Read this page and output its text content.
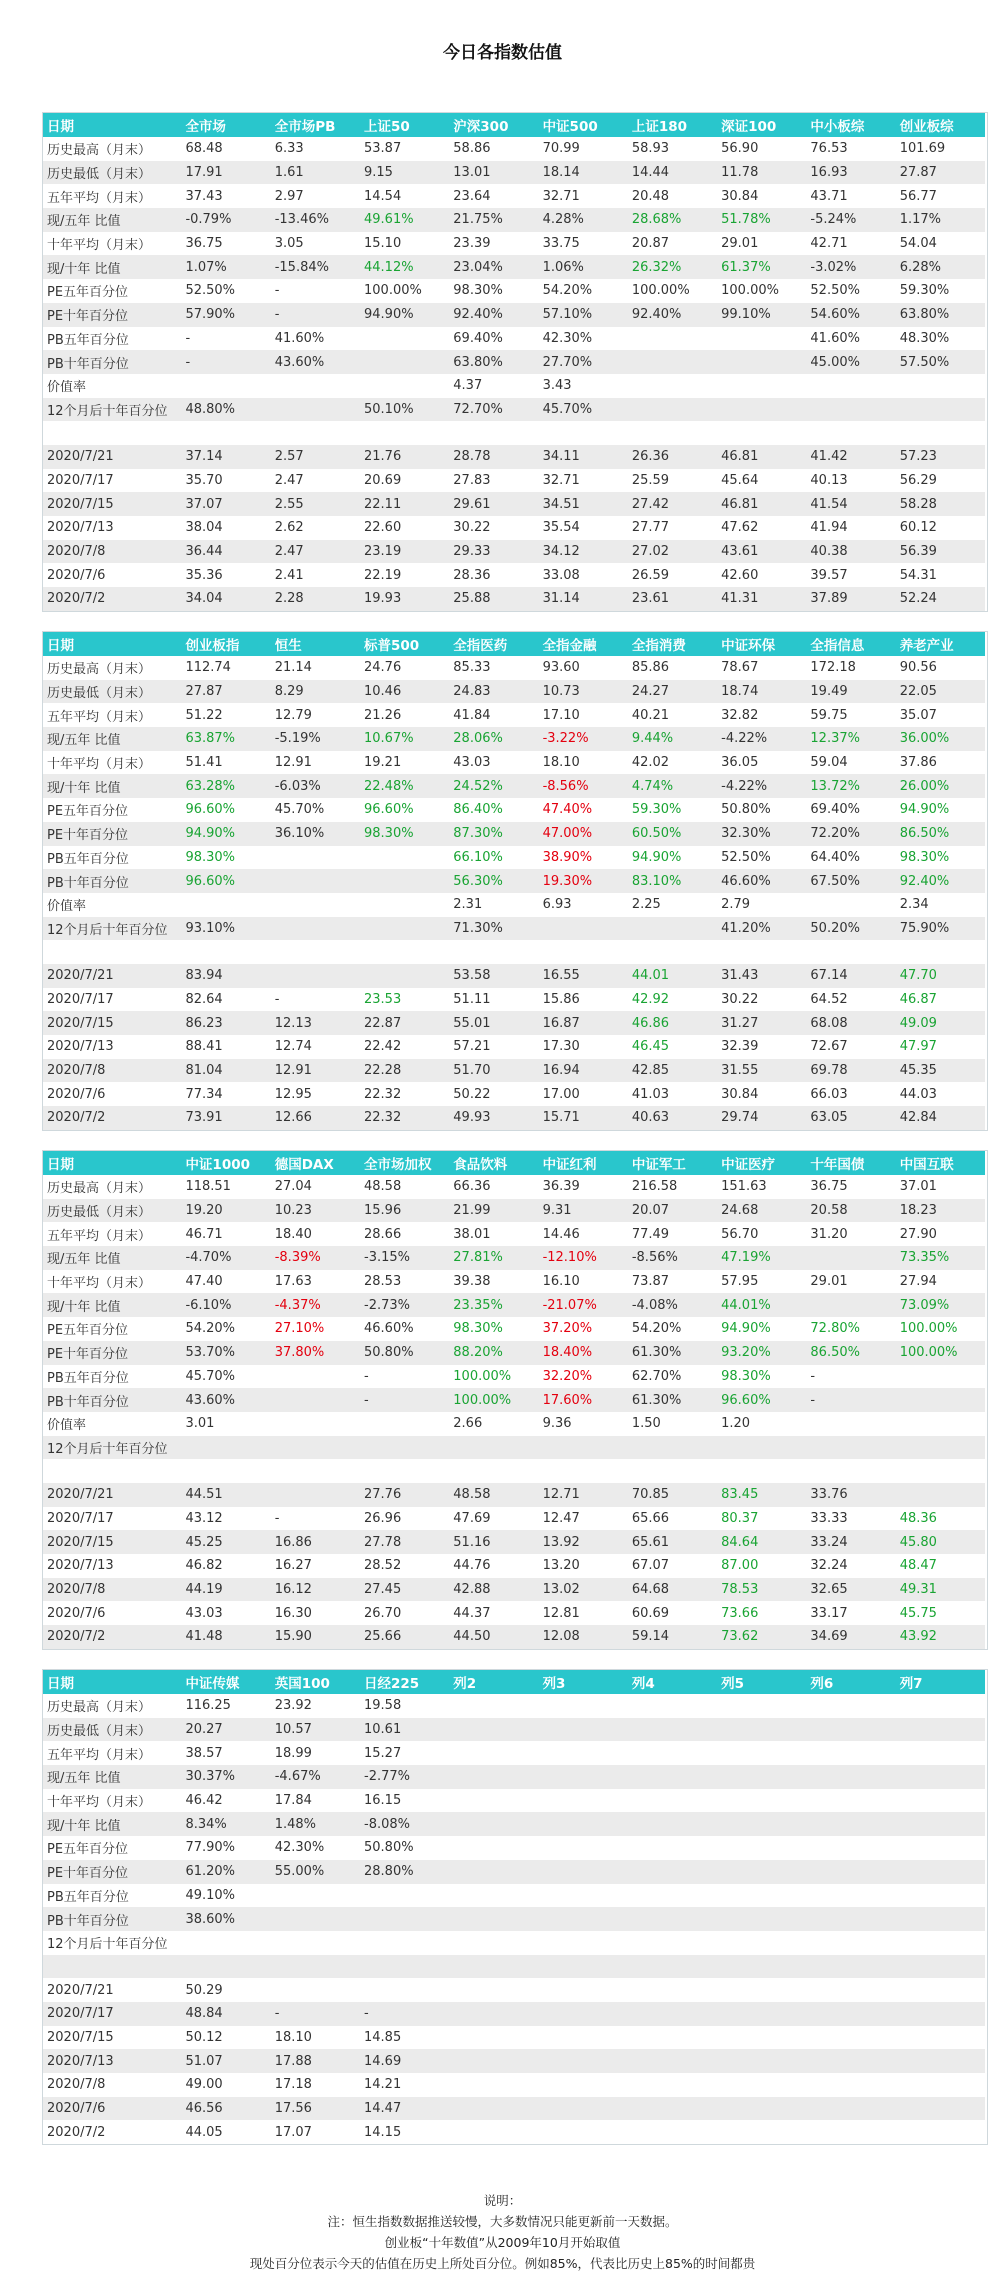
今日各指数估值
日期	全市场	全市场PB	上证50	沪深300	中证500	上证180	深证100	中小板综	创业板综
历史最高（月末）	68.48	6.33	53.87	58.86	70.99	58.93	56.90	76.53	101.69
历史最低（月末）	17.91	1.61	9.15	13.01	18.14	14.44	11.78	16.93	27.87
五年平均（月末）	37.43	2.97	14.54	23.64	32.71	20.48	30.84	43.71	56.77
现/五年 比值	-0.79%	-13.46%	49.61%	21.75%	4.28%	28.68%	51.78%	-5.24%	1.17%
十年平均（月末）	36.75	3.05	15.10	23.39	33.75	20.87	29.01	42.71	54.04
现/十年 比值	1.07%	-15.84%	44.12%	23.04%	1.06%	26.32%	61.37%	-3.02%	6.28%
PE五年百分位	52.50%	-	100.00%	98.30%	54.20%	100.00%	100.00%	52.50%	59.30%
PE十年百分位	57.90%	-	94.90%	92.40%	57.10%	92.40%	99.10%	54.60%	63.80%
PB五年百分位	-	41.60%		69.40%	42.30%			41.60%	48.30%
PB十年百分位	-	43.60%		63.80%	27.70%			45.00%	57.50%
价值率				4.37	3.43				
12个月后十年百分位	48.80%		50.10%	72.70%	45.70%				

2020/7/21	37.14	2.57	21.76	28.78	34.11	26.36	46.81	41.42	57.23
2020/7/17	35.70	2.47	20.69	27.83	32.71	25.59	45.64	40.13	56.29
2020/7/15	37.07	2.55	22.11	29.61	34.51	27.42	46.81	41.54	58.28
2020/7/13	38.04	2.62	22.60	30.22	35.54	27.77	47.62	41.94	60.12
2020/7/8	36.44	2.47	23.19	29.33	34.12	27.02	43.61	40.38	56.39
2020/7/6	35.36	2.41	22.19	28.36	33.08	26.59	42.60	39.57	54.31
2020/7/2	34.04	2.28	19.93	25.88	31.14	23.61	41.31	37.89	52.24
日期	创业板指	恒生	标普500	全指医药	全指金融	全指消费	中证环保	全指信息	养老产业
历史最高（月末）	112.74	21.14	24.76	85.33	93.60	85.86	78.67	172.18	90.56
历史最低（月末）	27.87	8.29	10.46	24.83	10.73	24.27	18.74	19.49	22.05
五年平均（月末）	51.22	12.79	21.26	41.84	17.10	40.21	32.82	59.75	35.07
现/五年 比值	63.87%	-5.19%	10.67%	28.06%	-3.22%	9.44%	-4.22%	12.37%	36.00%
十年平均（月末）	51.41	12.91	19.21	43.03	18.10	42.02	36.05	59.04	37.86
现/十年 比值	63.28%	-6.03%	22.48%	24.52%	-8.56%	4.74%	-4.22%	13.72%	26.00%
PE五年百分位	96.60%	45.70%	96.60%	86.40%	47.40%	59.30%	50.80%	69.40%	94.90%
PE十年百分位	94.90%	36.10%	98.30%	87.30%	47.00%	60.50%	32.30%	72.20%	86.50%
PB五年百分位	98.30%			66.10%	38.90%	94.90%	52.50%	64.40%	98.30%
PB十年百分位	96.60%			56.30%	19.30%	83.10%	46.60%	67.50%	92.40%
价值率				2.31	6.93	2.25	2.79		2.34
12个月后十年百分位	93.10%			71.30%			41.20%	50.20%	75.90%

2020/7/21	83.94			53.58	16.55	44.01	31.43	67.14	47.70
2020/7/17	82.64	-	23.53	51.11	15.86	42.92	30.22	64.52	46.87
2020/7/15	86.23	12.13	22.87	55.01	16.87	46.86	31.27	68.08	49.09
2020/7/13	88.41	12.74	22.42	57.21	17.30	46.45	32.39	72.67	47.97
2020/7/8	81.04	12.91	22.28	51.70	16.94	42.85	31.55	69.78	45.35
2020/7/6	77.34	12.95	22.32	50.22	17.00	41.03	30.84	66.03	44.03
2020/7/2	73.91	12.66	22.32	49.93	15.71	40.63	29.74	63.05	42.84
日期	中证1000	德国DAX	全市场加权	食品饮料	中证红利	中证军工	中证医疗	十年国债	中国互联
历史最高（月末）	118.51	27.04	48.58	66.36	36.39	216.58	151.63	36.75	37.01
历史最低（月末）	19.20	10.23	15.96	21.99	9.31	20.07	24.68	20.58	18.23
五年平均（月末）	46.71	18.40	28.66	38.01	14.46	77.49	56.70	31.20	27.90
现/五年 比值	-4.70%	-8.39%	-3.15%	27.81%	-12.10%	-8.56%	47.19%		73.35%
十年平均（月末）	47.40	17.63	28.53	39.38	16.10	73.87	57.95	29.01	27.94
现/十年 比值	-6.10%	-4.37%	-2.73%	23.35%	-21.07%	-4.08%	44.01%		73.09%
PE五年百分位	54.20%	27.10%	46.60%	98.30%	37.20%	54.20%	94.90%	72.80%	100.00%
PE十年百分位	53.70%	37.80%	50.80%	88.20%	18.40%	61.30%	93.20%	86.50%	100.00%
PB五年百分位	45.70%		-	100.00%	32.20%	62.70%	98.30%	-	
PB十年百分位	43.60%		-	100.00%	17.60%	61.30%	96.60%	-	
价值率	3.01			2.66	9.36	1.50	1.20		
12个月后十年百分位									

2020/7/21	44.51		27.76	48.58	12.71	70.85	83.45	33.76	
2020/7/17	43.12	-	26.96	47.69	12.47	65.66	80.37	33.33	48.36
2020/7/15	45.25	16.86	27.78	51.16	13.92	65.61	84.64	33.24	45.80
2020/7/13	46.82	16.27	28.52	44.76	13.20	67.07	87.00	32.24	48.47
2020/7/8	44.19	16.12	27.45	42.88	13.02	64.68	78.53	32.65	49.31
2020/7/6	43.03	16.30	26.70	44.37	12.81	60.69	73.66	33.17	45.75
2020/7/2	41.48	15.90	25.66	44.50	12.08	59.14	73.62	34.69	43.92
日期	中证传媒	英国100	日经225	列2	列3	列4	列5	列6	列7
历史最高（月末）	116.25	23.92	19.58						
历史最低（月末）	20.27	10.57	10.61						
五年平均（月末）	38.57	18.99	15.27						
现/五年 比值	30.37%	-4.67%	-2.77%						
十年平均（月末）	46.42	17.84	16.15						
现/十年 比值	8.34%	1.48%	-8.08%						
PE五年百分位	77.90%	42.30%	50.80%						
PE十年百分位	61.20%	55.00%	28.80%						
PB五年百分位	49.10%								
PB十年百分位	38.60%								
12个月后十年百分位									

2020/7/21	50.29								
2020/7/17	48.84	-	-						
2020/7/15	50.12	18.10	14.85						
2020/7/13	51.07	17.88	14.69						
2020/7/8	49.00	17.18	14.21						
2020/7/6	46.56	17.56	14.47						
2020/7/2	44.05	17.07	14.15						
说明：
注：恒生指数数据推送较慢，大多数情况只能更新前一天数据。
创业板“十年数值”从2009年10月开始取值
现处百分位表示今天的估值在历史上所处百分位。例如85%，代表比历史上85%的时间都贵
